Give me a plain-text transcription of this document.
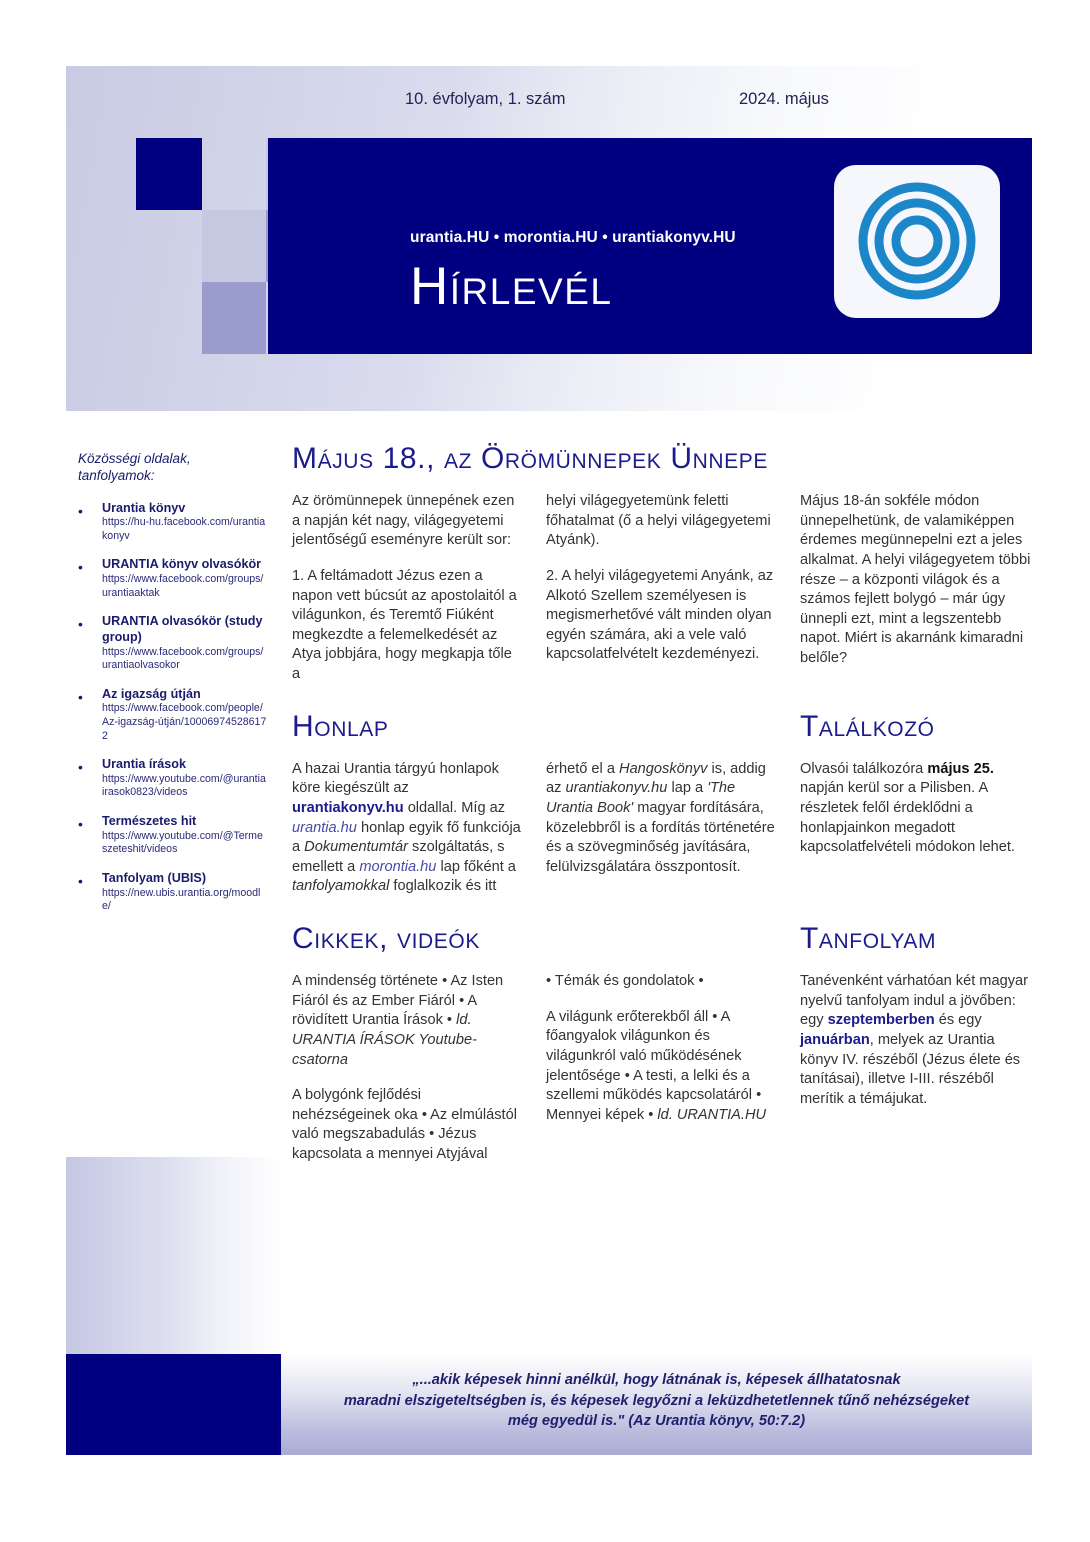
10. évfolyam, 1. szám	2024. május
urantia.HU • morontia.HU • urantiakonyv.HU
Hírlevél
Közösségi oldalak, tanfolyamok:
•	Urantia könyv
https://hu-hu.facebook.com/urantiakonyv
•	URANTIA könyv olvasókör
https://www.facebook.com/groups/urantiaaktak
•	URANTIA olvasókör (study group)
https://www.facebook.com/groups/urantiaolvasokor
•	Az igazság útján
https://www.facebook.com/people/Az-igazság-útján/100069745286172
•	Urantia írások
https://www.youtube.com/@urantiairasok0823/videos
•	Természetes hit
https://www.youtube.com/@Termeszeteshit/videos
•	Tanfolyam (UBIS)
https://new.ubis.urantia.org/moodle/
Május 18., az Örömünnepek Ünnepe

Az örömünnepek ünnepének ezen a napján két nagy, világegyetemi jelentőségű eseményre került sor:

1. A feltámadott Jézus ezen a napon vett búcsút az apostolaitól a világunkon, és Teremtő Fiúként megkezdte a felemelkedését az Atya jobbjára, hogy megkapja tőle a

helyi világegyetemünk feletti főhatalmat (ő a helyi világegyetemi Atyánk).

2. A helyi világegyetemi Anyánk, az Alkotó Szellem személyesen is megismerhetővé vált minden olyan egyén számára, aki a vele való kapcsolatfelvételt kezdeményezi.

Május 18-án sokféle módon ünnepelhetünk, de valamiképpen érdemes megünnepelni ezt a jeles alkalmat. A helyi világegyetem többi része – a központi világok és a számos fejlett bolygó – már úgy ünnepli ezt, mint a legszentebb napot. Miért is akarnánk kimaradni belőle?

Honlap

A hazai Urantia tárgyú honlapok köre kiegészült az urantiakonyv.hu oldallal. Míg az urantia.hu honlap egyik fő funkciója a Dokumentumtár szolgáltatás, s emellett a morontia.hu lap főként a tanfolyamokkal foglalkozik és itt

érhető el a Hangoskönyv is, addig az urantiakonyv.hu lap a 'The Urantia Book' magyar fordítására, közelebbről is a fordítás történetére és a szövegminőség javítására, felülvizsgálatára összpontosít.

Találkozó

Olvasói találkozóra május 25. napján kerül sor a Pilisben. A részletek felől érdeklődni a honlapjainkon megadott kapcsolatfelvételi módokon lehet.

Cikkek, videók

A mindenség története • Az Isten Fiáról és az Ember Fiáról • A rövidített Urantia Írások • ld. URANTIA ÍRÁSOK Youtube-csatorna

A bolygónk fejlődési nehézségeinek oka • Az elmúlástól való megszabadulás • Jézus kapcsolata a mennyei Atyjával

• Témák és gondolatok •

A világunk erőterekből áll • A főangyalok világunkon és világunkról való működésének jelentősége • A testi, a lelki és a szellemi működés kapcsolatáról • Mennyei képek • ld. URANTIA.HU

Tanfolyam

Tanévenként várhatóan két magyar nyelvű tanfolyam indul a jövőben: egy szeptemberben és egy januárban, melyek az Urantia könyv IV. részéből (Jézus élete és tanításai), illetve I-III. részéből merítik a témájukat.

„...akik képesek hinni anélkül, hogy látnának is, képesek állhatatosnak
maradni elszigeteltségben is, és képesek legyőzni a leküzdhetetlennek tűnő nehézségeket
még egyedül is." (Az Urantia könyv, 50:7.2)
